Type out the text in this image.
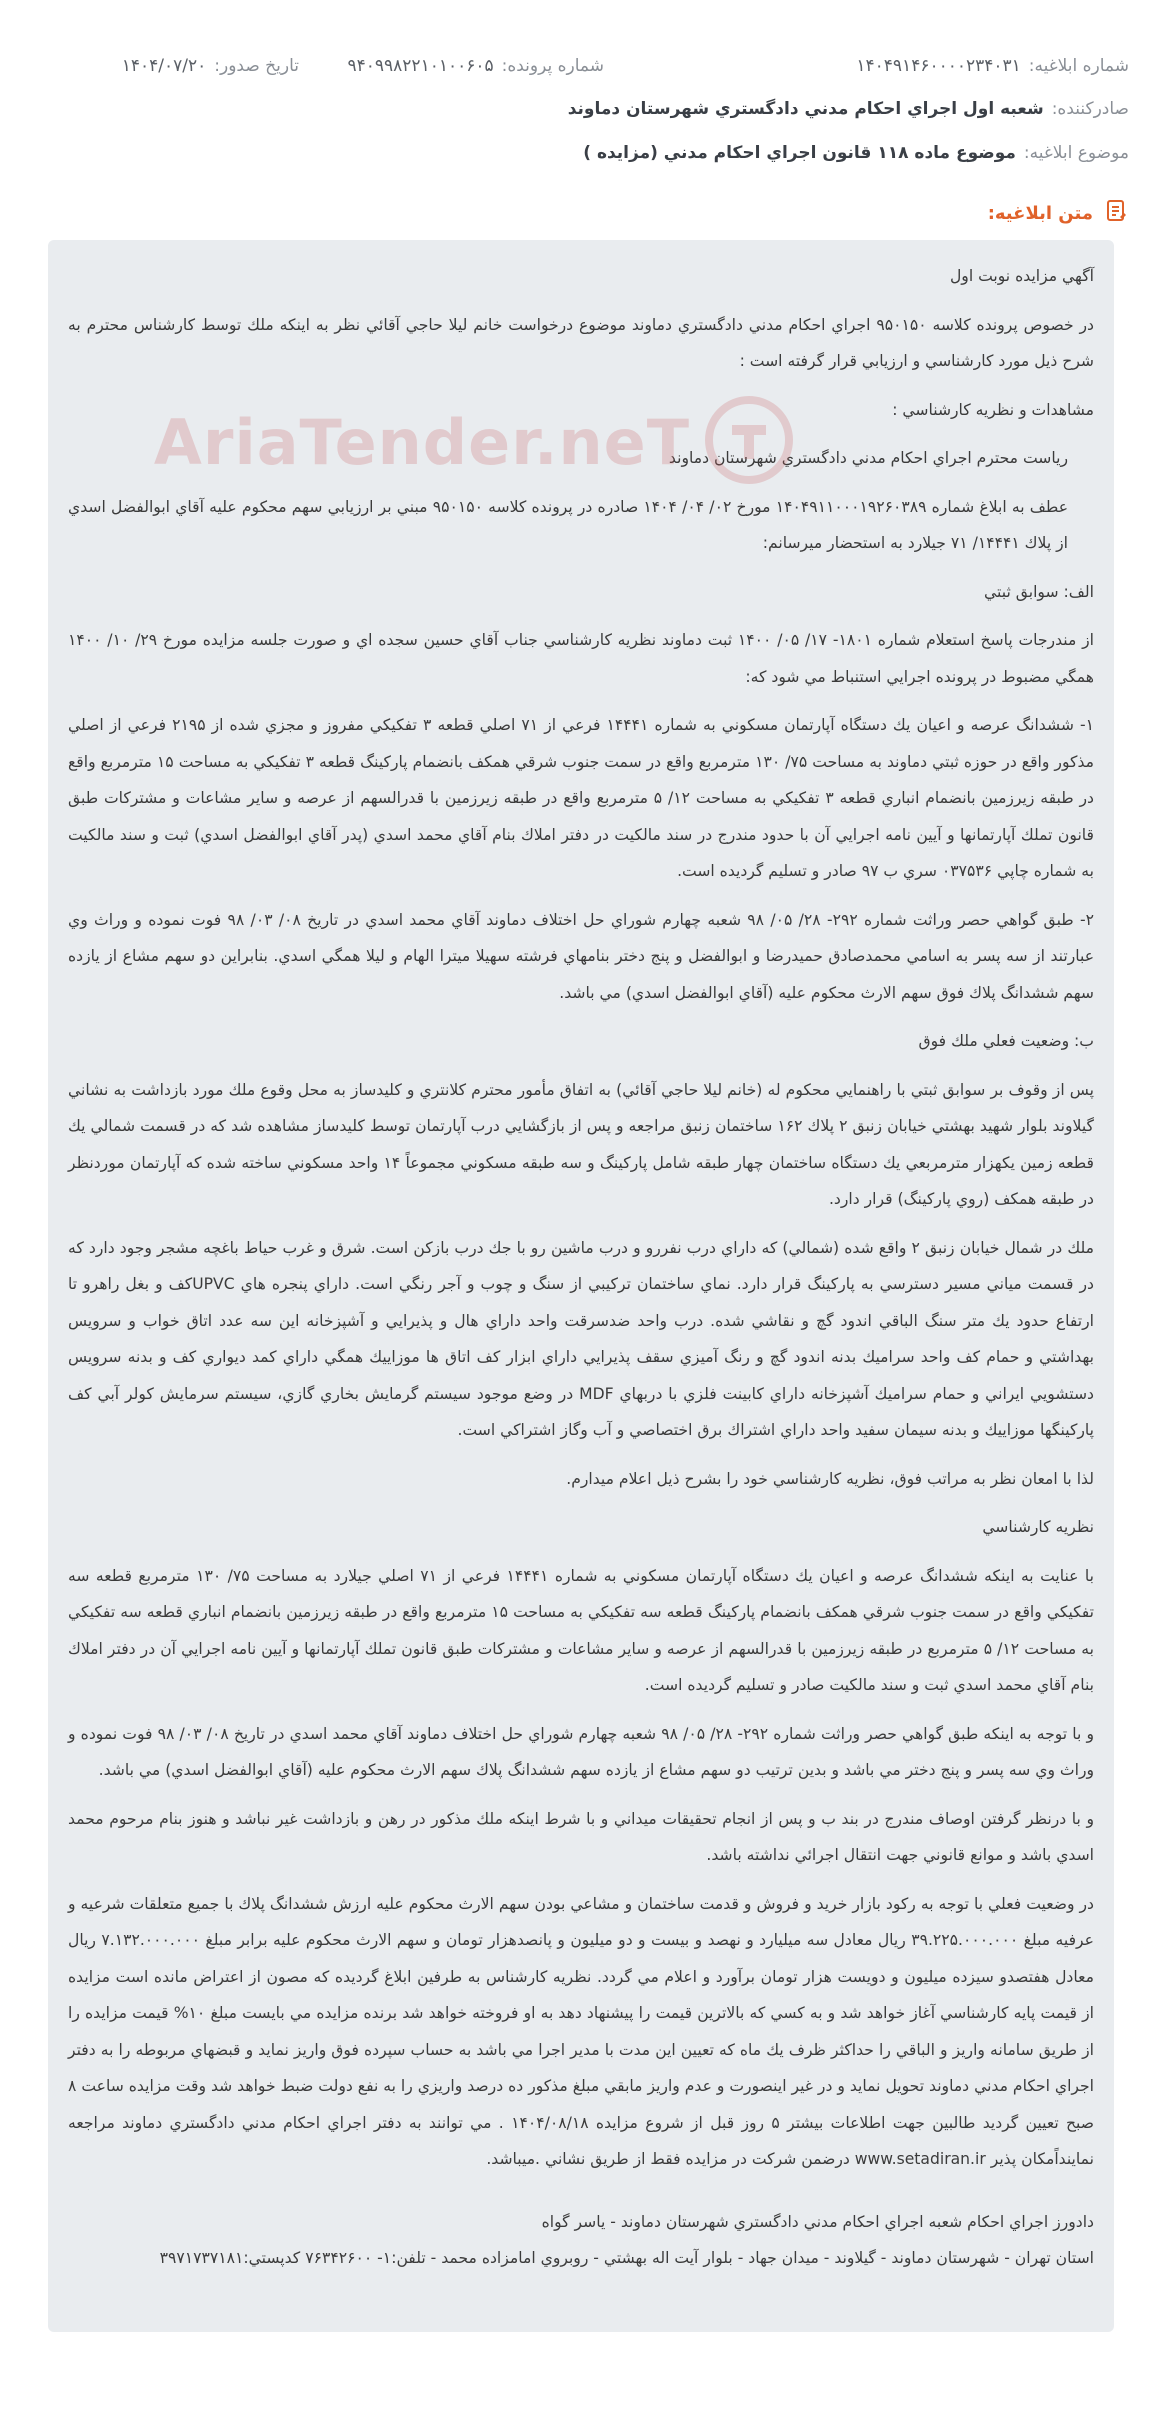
شماره ابلاغیه:
۱۴۰۴۹۱۴۶۰۰۰۰۲۳۴۰۳۱
شماره پرونده:
۹۴۰۹۹۸۲۲۱۰۱۰۰۶۰۵
تاریخ صدور:
۱۴۰۴/۰۷/۲۰
صادرکننده:
شعبه اول اجراي احكام مدني دادگستري شهرستان دماوند
موضوع ابلاغیه:
موضوع ماده ۱۱۸ قانون اجراي احكام مدني (مزايده )
متن ابلاغیه:

آگهي مزايده نوبت اول

در خصوص پرونده كلاسه ۹۵۰۱۵۰ اجراي احكام مدني دادگستري دماوند موضوع درخواست خانم ليلا حاجي آقائي نظر به اينكه ملك توسط كارشناس محترم به شرح ذيل مورد كارشناسي و ارزيابي قرار گرفته است :

مشاهدات و نظريه كارشناسي :

رياست محترم اجراي احكام مدني دادگستري شهرستان دماوند

عطف به ابلاغ شماره ۱۴۰۴۹۱۱۰۰۰۱۹۲۶۰۳۸۹ مورخ ۰۲/ ۰۴/ ۱۴۰۴ صادره در پرونده كلاسه ۹۵۰۱۵۰ مبني بر ارزيابي سهم محكوم عليه آقاي ابوالفضل اسدي از پلاك ۱۴۴۴۱/ ۷۱ جيلارد به استحضار ميرسانم:

الف: سوابق ثبتي

از مندرجات پاسخ استعلام شماره ۱۸۰۱- ۱۷/ ۰۵/ ۱۴۰۰ ثبت دماوند نظريه كارشناسي جناب آقاي حسين سجده اي و صورت جلسه مزايده مورخ ۲۹/ ۱۰/ ۱۴۰۰ همگي مضبوط در پرونده اجرايي استنباط مي شود كه:

۱- ششدانگ عرصه و اعيان يك دستگاه آپارتمان مسكوني به شماره ۱۴۴۴۱ فرعي از ۷۱ اصلي قطعه ۳ تفكيكي مفروز و مجزي شده از ۲۱۹۵ فرعي از اصلي مذكور واقع در حوزه ثبتي دماوند به مساحت ۷۵/ ۱۳۰ مترمربع واقع در سمت جنوب شرقي همكف بانضمام پاركينگ قطعه ۳ تفكيكي به مساحت ۱۵ مترمربع واقع در طبقه زيرزمين بانضمام انباري قطعه ۳ تفكيكي به مساحت ۱۲/ ۵ مترمربع واقع در طبقه زيرزمين با قدرالسهم از عرصه و ساير مشاعات و مشتركات طبق قانون تملك آپارتمانها و آيين نامه اجرايي آن با حدود مندرج در سند مالكيت در دفتر املاك بنام آقاي محمد اسدي (پدر آقاي ابوالفضل اسدي) ثبت و سند مالكيت به شماره چاپي ۰۳۷۵۳۶ سري ب ۹۷ صادر و تسليم گرديده است.

۲- طبق گواهي حصر وراثت شماره ۲۹۲- ۲۸/ ۰۵/ ۹۸ شعبه چهارم شوراي حل اختلاف دماوند آقاي محمد اسدي در تاريخ ۰۸/ ۰۳/ ۹۸ فوت نموده و وراث وي عبارتند از سه پسر به اسامي محمدصادق حميدرضا و ابوالفضل و پنج دختر بنامهاي فرشته سهيلا ميترا الهام و ليلا همگي اسدي. بنابراين دو سهم مشاع از يازده سهم ششدانگ پلاك فوق سهم الارث محكوم عليه (آقاي ابوالفضل اسدي) مي باشد.

ب: وضعيت فعلي ملك فوق

پس از وقوف بر سوابق ثبتي با راهنمايي محكوم له (خانم ليلا حاجي آقائي) به اتفاق مأمور محترم كلانتري و كليدساز به محل وقوع ملك مورد بازداشت به نشاني گيلاوند بلوار شهيد بهشتي خيابان زنبق ۲ پلاك ۱۶۲ ساختمان زنبق مراجعه و پس از بازگشايي درب آپارتمان توسط كليدساز مشاهده شد كه در قسمت شمالي يك قطعه زمين يكهزار مترمربعي يك دستگاه ساختمان چهار طبقه شامل پاركينگ و سه طبقه مسكوني مجموعاً ۱۴ واحد مسكوني ساخته شده كه آپارتمان موردنظر در طبقه همكف (روي پاركينگ) قرار دارد.

ملك در شمال خيابان زنبق ۲ واقع شده (شمالي) كه داراي درب نفررو و درب ماشين رو با جك درب بازكن است. شرق و غرب حياط باغچه مشجر وجود دارد كه در قسمت مياني مسير دسترسي به پاركينگ قرار دارد. نماي ساختمان تركيبي از سنگ و چوب و آجر رنگي است. داراي پنجره هاي UPVCكف و بغل راهرو تا ارتفاع حدود يك متر سنگ الباقي اندود گچ و نقاشي شده. درب واحد ضدسرقت واحد داراي هال و پذيرايي و آشپزخانه اين سه عدد اتاق خواب و سرويس بهداشتي و حمام كف واحد سراميك بدنه اندود گچ و رنگ آميزي سقف پذيرايي داراي ابزار كف اتاق ها موزاييك همگي داراي كمد ديواري كف و بدنه سرويس دستشويي ايراني و حمام سراميك آشپزخانه داراي كابينت فلزي با دربهاي MDF در وضع موجود سيستم گرمايش بخاري گازي، سيستم سرمايش كولر آبي كف پاركينگها موزاييك و بدنه سيمان سفيد واحد داراي اشتراك برق اختصاصي و آب وگاز اشتراكي است.

لذا با امعان نظر به مراتب فوق، نظريه كارشناسي خود را بشرح ذيل اعلام ميدارم.

نظريه كارشناسي

با عنايت به اينكه ششدانگ عرصه و اعيان يك دستگاه آپارتمان مسكوني به شماره ۱۴۴۴۱ فرعي از ۷۱ اصلي جيلارد به مساحت ۷۵/ ۱۳۰ مترمربع قطعه سه تفكيكي واقع در سمت جنوب شرقي همكف بانضمام پاركينگ قطعه سه تفكيكي به مساحت ۱۵ مترمربع واقع در طبقه زيرزمين بانضمام انباري قطعه سه تفكيكي به مساحت ۱۲/ ۵ مترمربع در طبقه زيرزمين با قدرالسهم از عرصه و ساير مشاعات و مشتركات طبق قانون تملك آپارتمانها و آيين نامه اجرايي آن در دفتر املاك بنام آقاي محمد اسدي ثبت و سند مالكيت صادر و تسليم گرديده است.

و با توجه به اينكه طبق گواهي حصر وراثت شماره ۲۹۲- ۲۸/ ۰۵/ ۹۸ شعبه چهارم شوراي حل اختلاف دماوند آقاي محمد اسدي در تاريخ ۰۸/ ۰۳/ ۹۸ فوت نموده و وراث وي سه پسر و پنج دختر مي باشد و بدين ترتيب دو سهم مشاع از يازده سهم ششدانگ پلاك سهم الارث محكوم عليه (آقاي ابوالفضل اسدي) مي باشد.

و با درنظر گرفتن اوصاف مندرج در بند ب و پس از انجام تحقيقات ميداني و با شرط اينكه ملك مذكور در رهن و بازداشت غير نباشد و هنوز بنام مرحوم محمد اسدي باشد و موانع قانوني جهت انتقال اجرائي نداشته باشد.

در وضعيت فعلي با توجه به ركود بازار خريد و فروش و قدمت ساختمان و مشاعي بودن سهم الارث محكوم عليه ارزش ششدانگ پلاك با جميع متعلقات شرعيه و عرفيه مبلغ ۳۹.۲۲۵.۰۰۰.۰۰۰ ريال معادل سه ميليارد و نهصد و بيست و دو ميليون و پانصدهزار تومان و سهم الارث محكوم عليه برابر مبلغ ۷.۱۳۲.۰۰۰.۰۰۰ ريال معادل هفتصدو سيزده ميليون و دويست هزار تومان برآورد و اعلام مي گردد. نظريه كارشناس به طرفين ابلاغ گرديده كه مصون از اعتراض مانده است مزايده از قيمت پايه كارشناسي آغاز خواهد شد و به كسي كه بالاترين قيمت را پيشنهاد دهد به او فروخته خواهد شد برنده مزايده مي بايست مبلغ ۱۰% قيمت مزايده را از طريق سامانه واريز و الباقي را حداكثر ظرف يك ماه كه تعيين اين مدت با مدير اجرا مي باشد به حساب سپرده فوق واريز نمايد و قبضهاي مربوطه را به دفتر اجراي احكام مدني دماوند تحويل نمايد و در غير اينصورت و عدم واريز مابقي مبلغ مذكور ده درصد واريزي را به نفع دولت ضبط خواهد شد وقت مزايده ساعت ۸ صبح تعيين گرديد طالبين جهت اطلاعات بيشتر ۵ روز قبل از شروع مزايده ۱۴۰۴/۰۸/۱۸ . مي توانند به دفتر اجراي احكام مدني دادگستري دماوند مراجعه نماينداًمكان پذير www.setadiran.ir درضمن شركت در مزايده فقط از طريق نشاني .ميباشد.

دادورز اجراي احكام شعبه اجراي احكام مدني دادگستري شهرستان دماوند - ياسر گواه

استان تهران - شهرستان دماوند - گيلاوند - ميدان جهاد - بلوار آيت اله بهشتي - روبروي امامزاده محمد - تلفن:۱- ۷۶۳۴۲۶۰۰ كدپستي:۳۹۷۱۷۳۷۱۸۱

AriaTender.neT
